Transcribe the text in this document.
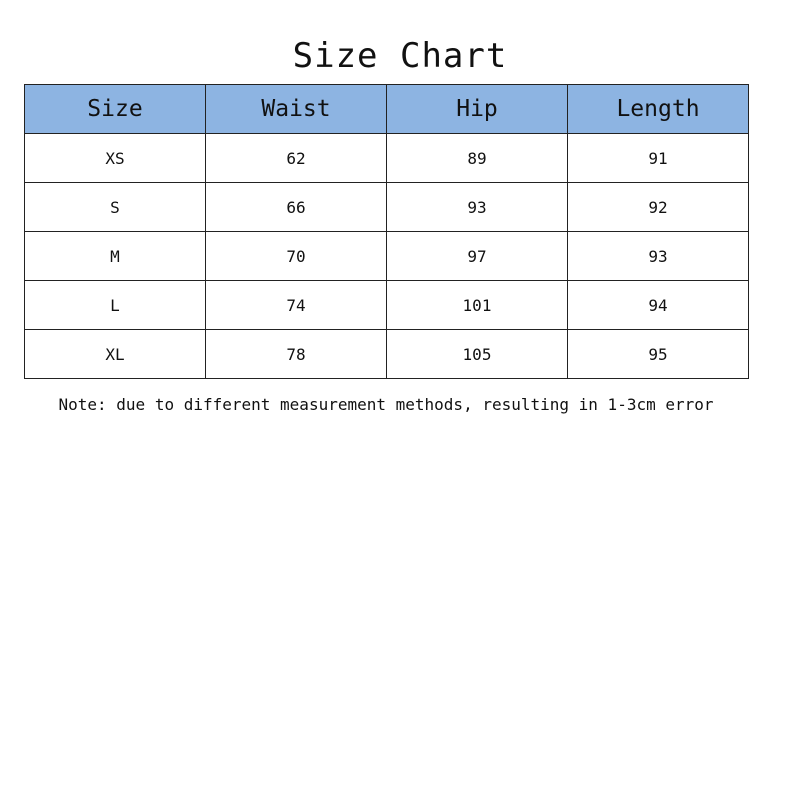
Size Chart
Size	Waist	Hip	Length
XS	62	89	91
S	66	93	92
M	70	97	93
L	74	101	94
XL	78	105	95
Note: due to different measurement methods, resulting in 1-3cm error
